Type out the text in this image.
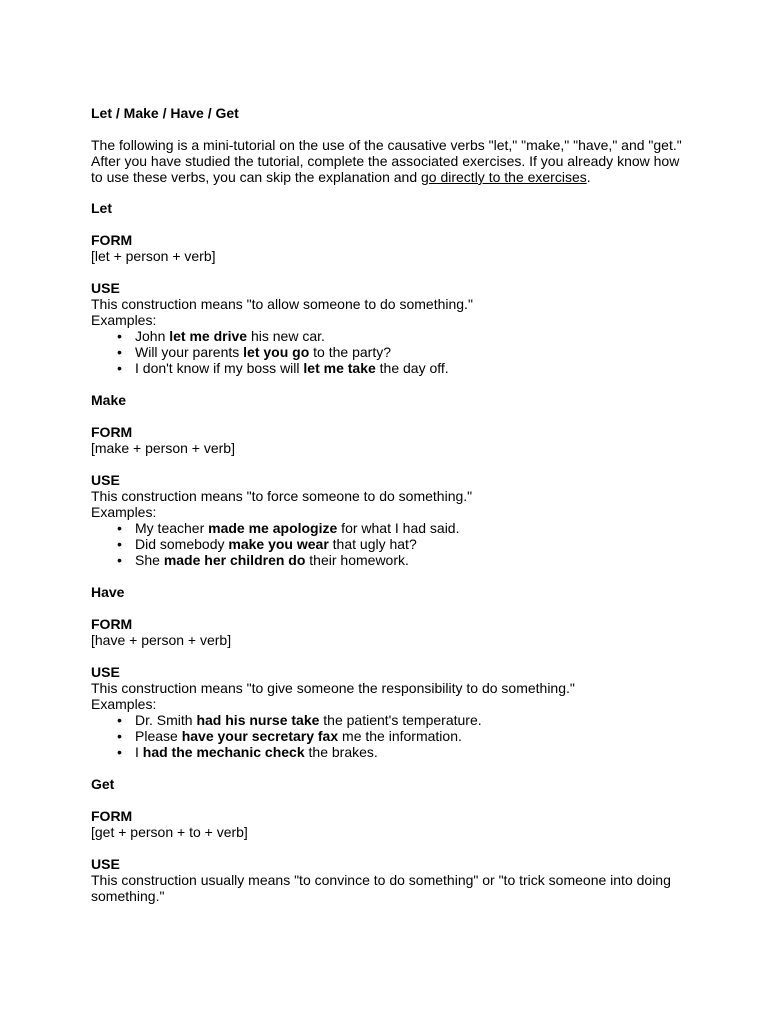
Let / Make / Have / Get

The following is a mini-tutorial on the use of the causative verbs "let," "make," "have," and "get." After you have studied the tutorial, complete the associated exercises. If you already know how to use these verbs, you can skip the explanation and go directly to the exercises.

Let

FORM

[let + person + verb]

USE

This construction means "to allow someone to do something."

Examples:

• John let me drive his new car.
• Will your parents let you go to the party?
• I don't know if my boss will let me take the day off.

Make

FORM

[make + person + verb]

USE

This construction means "to force someone to do something."

Examples:

• My teacher made me apologize for what I had said.
• Did somebody make you wear that ugly hat?
• She made her children do their homework.

Have

FORM

[have + person + verb]

USE

This construction means "to give someone the responsibility to do something."

Examples:

• Dr. Smith had his nurse take the patient's temperature.
• Please have your secretary fax me the information.
• I had the mechanic check the brakes.

Get

FORM

[get + person + to + verb]

USE

This construction usually means "to convince to do something" or "to trick someone into doing something."
